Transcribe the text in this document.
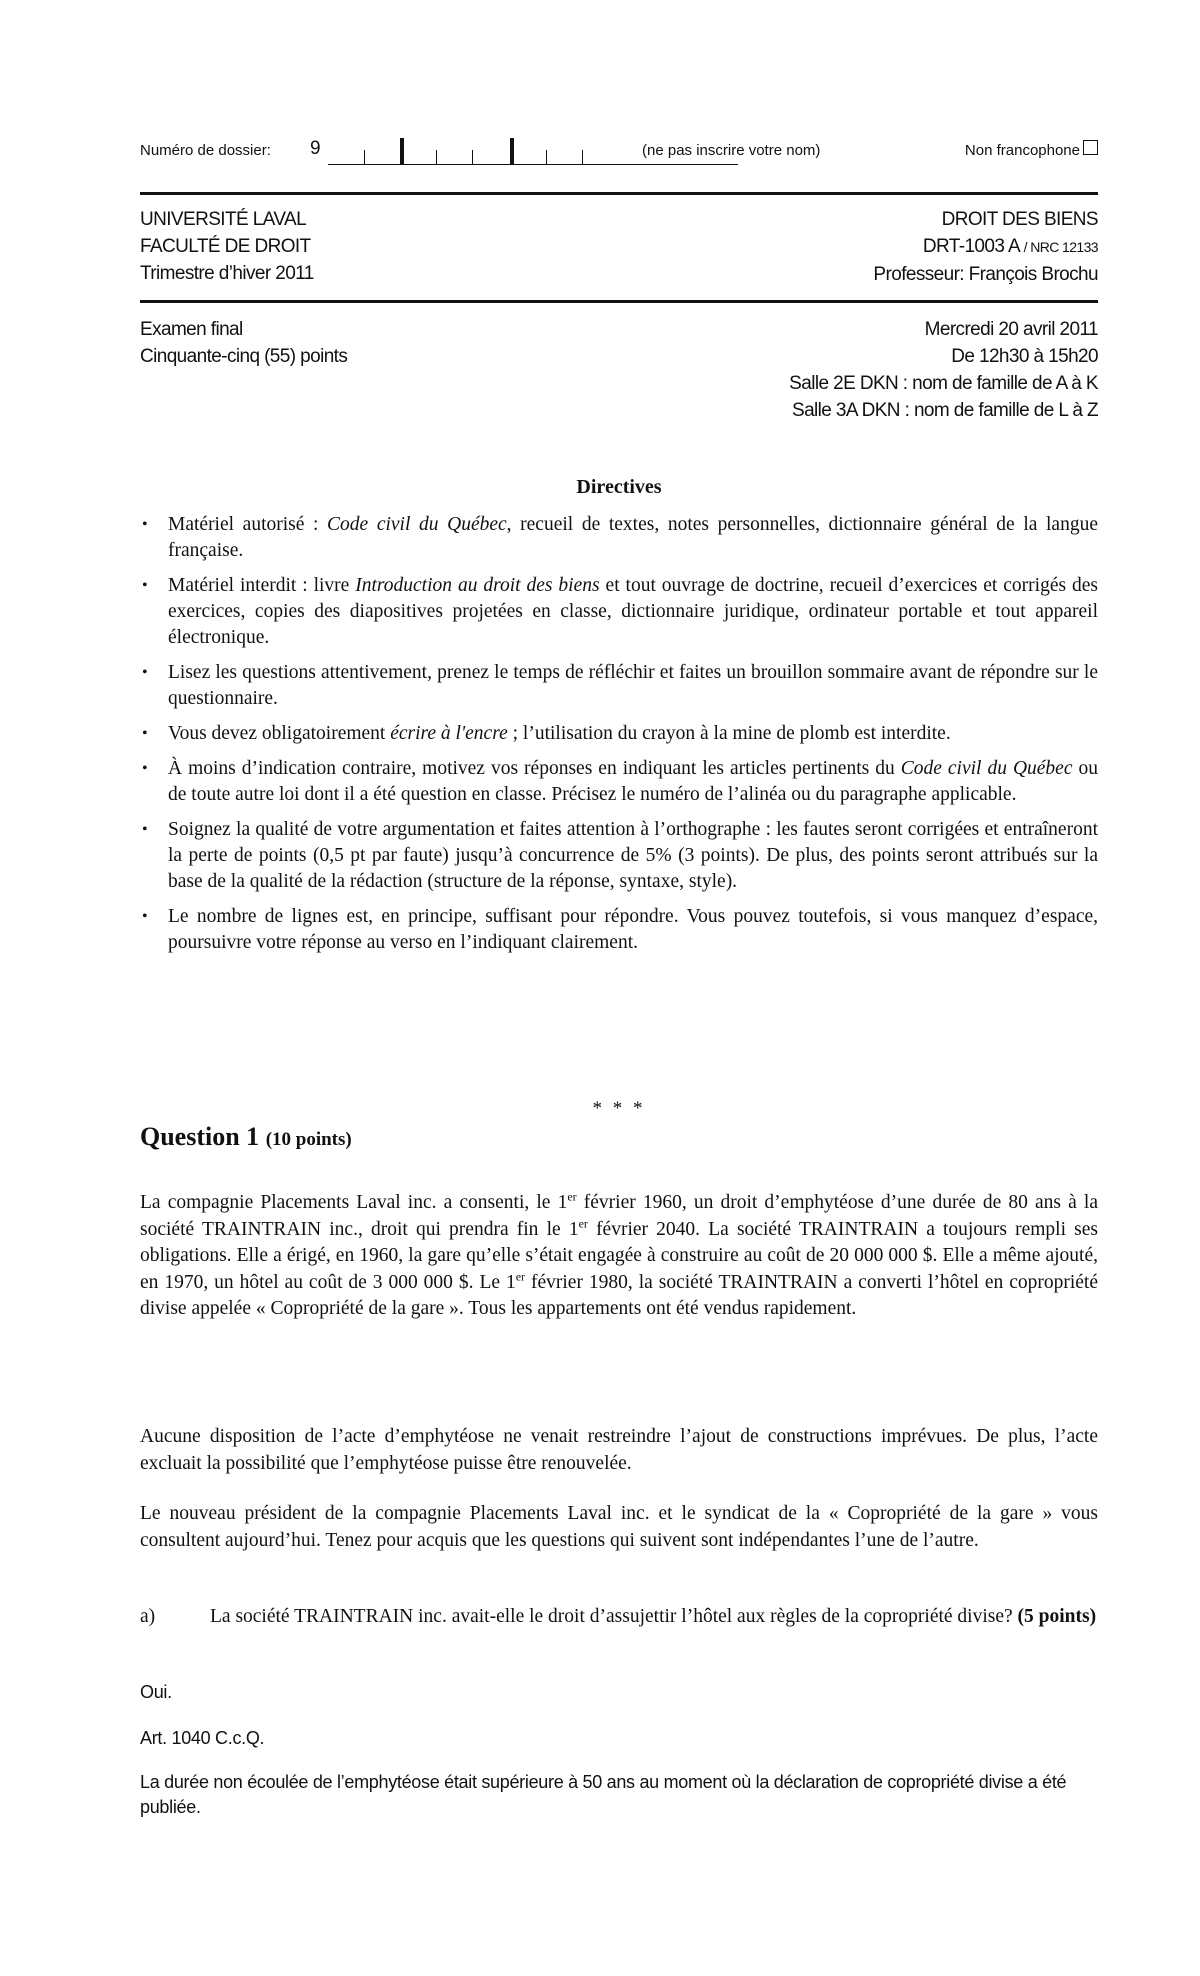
Numéro de dossier: 9	(ne pas inscrire votre nom)	Non francophone
UNIVERSITÉ LAVAL
FACULTÉ DE DROIT
Trimestre d’hiver 2011
DROIT DES BIENS
DRT-1003 A / NRC 12133
Professeur: François Brochu
Examen final
Cinquante-cinq (55) points
Mercredi 20 avril 2011
De 12h30 à 15h20
Salle 2E DKN : nom de famille de A à K
Salle 3A DKN : nom de famille de L à Z
Directives
• Matériel autorisé : Code civil du Québec, recueil de textes, notes personnelles, dictionnaire général de la langue française.
• Matériel interdit : livre Introduction au droit des biens et tout ouvrage de doctrine, recueil d’exercices et corrigés des exercices, copies des diapositives projetées en classe, dictionnaire juridique, ordinateur portable et tout appareil électronique.
• Lisez les questions attentivement, prenez le temps de réfléchir et faites un brouillon sommaire avant de répondre sur le questionnaire.
• Vous devez obligatoirement écrire à l'encre ; l’utilisation du crayon à la mine de plomb est interdite.
• À moins d’indication contraire, motivez vos réponses en indiquant les articles pertinents du Code civil du Québec ou de toute autre loi dont il a été question en classe. Précisez le numéro de l’alinéa ou du paragraphe applicable.
• Soignez la qualité de votre argumentation et faites attention à l’orthographe : les fautes seront corrigées et entraîneront la perte de points (0,5 pt par faute) jusqu’à concurrence de 5% (3 points). De plus, des points seront attribués sur la base de la qualité de la rédaction (structure de la réponse, syntaxe, style).
• Le nombre de lignes est, en principe, suffisant pour répondre. Vous pouvez toutefois, si vous manquez d’espace, poursuivre votre réponse au verso en l’indiquant clairement.
* * *
Question 1 (10 points)

La compagnie Placements Laval inc. a consenti, le 1er février 1960, un droit d’emphytéose d’une durée de 80 ans à la société TRAINTRAIN inc., droit qui prendra fin le 1er février 2040. La société TRAINTRAIN a toujours rempli ses obligations. Elle a érigé, en 1960, la gare qu’elle s’était engagée à construire au coût de 20 000 000 $. Elle a même ajouté, en 1970, un hôtel au coût de 3 000 000 $. Le 1er février 1980, la société TRAINTRAIN a converti l’hôtel en copropriété divise appelée « Copropriété de la gare ». Tous les appartements ont été vendus rapidement.

Aucune disposition de l’acte d’emphytéose ne venait restreindre l’ajout de constructions imprévues. De plus, l’acte excluait la possibilité que l’emphytéose puisse être renouvelée.

Le nouveau président de la compagnie Placements Laval inc. et le syndicat de la « Copropriété de la gare » vous consultent aujourd’hui. Tenez pour acquis que les questions qui suivent sont indépendantes l’une de l’autre.

a)	La société TRAINTRAIN inc. avait-elle le droit d’assujettir l’hôtel aux règles de la copropriété divise? (5 points)

Oui.

Art. 1040 C.c.Q.

La durée non écoulée de l’emphytéose était supérieure à 50 ans au moment où la déclaration de copropriété divise a été publiée.
